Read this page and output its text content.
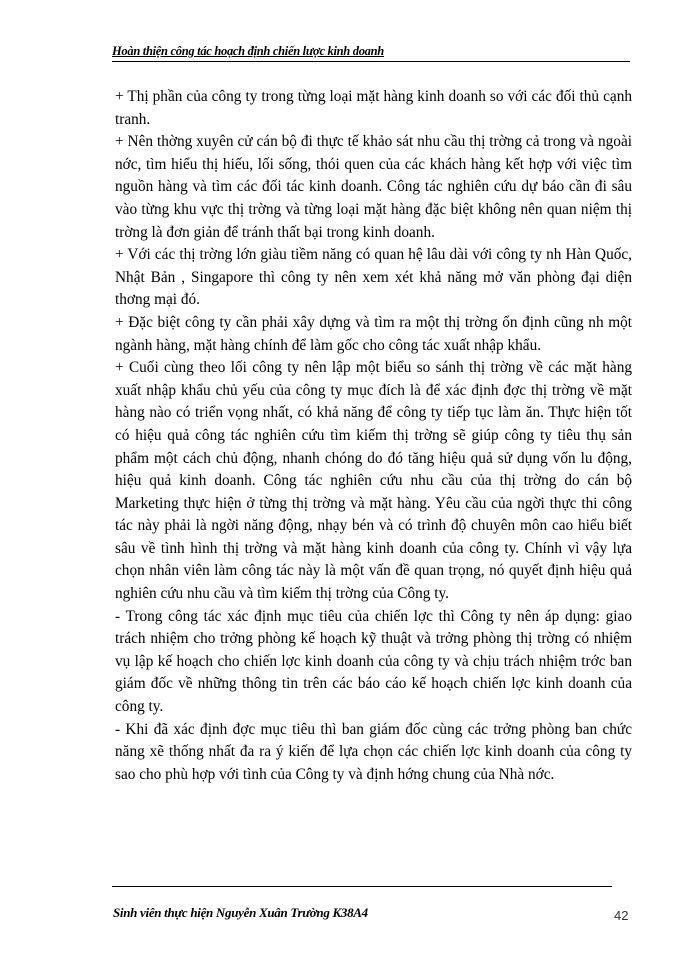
Hoàn thiện công tác hoạch định chiến lược kinh doanh

+ Thị phần của công ty trong từng loại mặt hàng kinh doanh so với các đối thủ cạnh tranh.

+ Nên thờng xuyên cử cán bộ đi thực tế khảo sát nhu cầu thị trờng cả trong và ngoài nớc, tìm hiểu thị hiếu, lối sống, thói quen của các khách hàng kết hợp với việc tìm nguồn hàng và tìm các đối tác kinh doanh. Công tác nghiên cứu dự báo cần đi sâu vào từng khu vực thị trờng và từng loại mặt hàng đặc biệt không nên quan niệm thị trờng là đơn giản để tránh thất bại trong kinh doanh.

+ Với các thị trờng lớn giàu tiềm năng có quan hệ lâu dài với công ty nh Hàn Quốc, Nhật Bản , Singapore thì công ty nên xem xét khả năng mở văn phòng đại diện thơng mại đó.

+ Đặc biệt công ty cần phải xây dựng và tìm ra một thị trờng ổn định cũng nh một ngành hàng, mặt hàng chính để làm gốc cho công tác xuất nhập khẩu.

+ Cuối cùng theo lối công ty nên lập một biểu so sánh thị trờng về các mặt hàng xuất nhập khẩu chủ yếu của công ty mục đích là để xác định đợc thị trờng về mặt hàng nào có triển vọng nhất, có khả năng để công ty tiếp tục làm ăn. Thực hiện tốt có hiệu quả công tác nghiên cứu tìm kiếm thị trờng sẽ giúp công ty tiêu thụ sản phẩm một cách chủ động, nhanh chóng do đó tăng hiệu quả sử dụng vốn lu động, hiệu quả kinh doanh. Công tác nghiên cứu nhu cầu của thị trờng do cán bộ Marketing thực hiện ở từng thị trờng và mặt hàng. Yêu cầu của ngời thực thi công tác này phải là ngời năng động, nhạy bén và có trình độ chuyên môn cao hiểu biết sâu về tình hình thị trờng và mặt hàng kinh doanh của công ty. Chính vì vậy lựa chọn nhân viên làm công tác này là một vấn đề quan trọng, nó quyết định hiệu quả nghiên cứu nhu cầu và tìm kiếm thị trờng của Công ty.

- Trong công tác xác định mục tiêu của chiến lợc thì Công ty nên áp dụng: giao trách nhiệm cho trởng phòng kế hoạch kỹ thuật và trởng phòng thị trờng có nhiệm vụ lập kế hoạch cho chiến lợc kinh doanh của công ty và chịu trách nhiệm trớc ban giám đốc về những thông tin trên các báo cáo kế hoạch chiến lợc kinh doanh của công ty.

- Khi đã xác định đợc mục tiêu thì ban giám đốc cùng các trởng phòng ban chức năng xẽ thống nhất đa ra ý kiến để lựa chọn các chiến lợc kinh doanh của công ty sao cho phù hợp với tình của Công ty và định hớng chung của Nhà nớc.

Sinh viên thực hiện Nguyễn Xuân Trường K38A4	42
